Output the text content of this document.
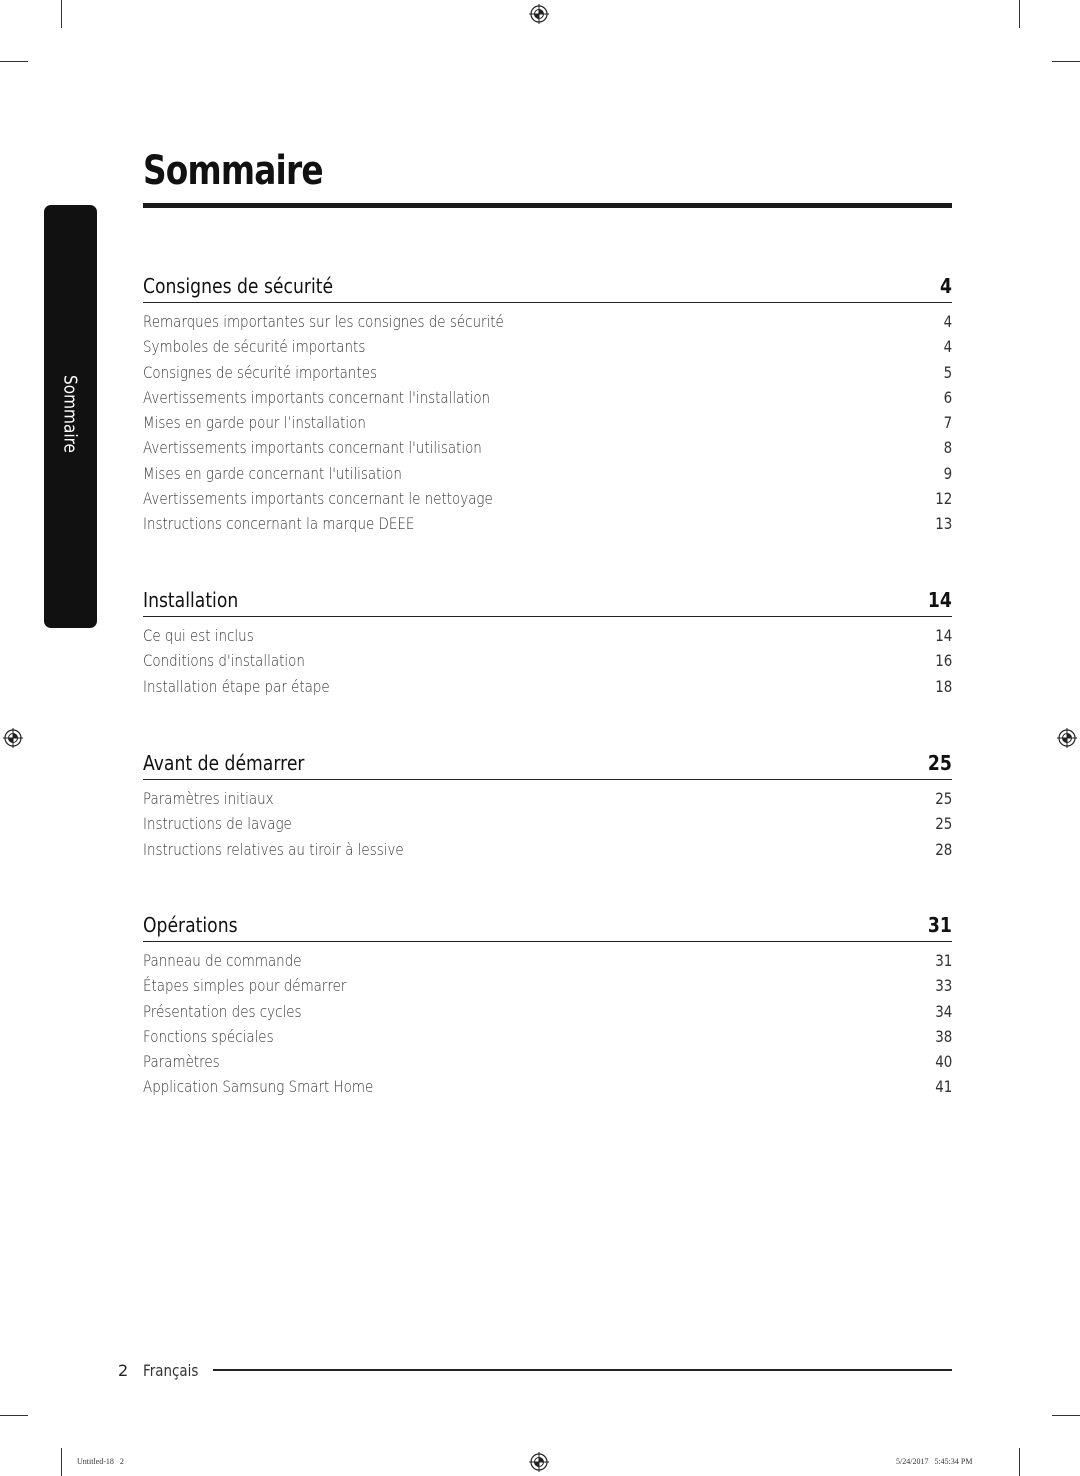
Sommaire
Sommaire
Consignes de sécurité	4
Remarques importantes sur les consignes de sécurité	4
Symboles de sécurité importants	4
Consignes de sécurité importantes	5
Avertissements importants concernant l'installation	6
Mises en garde pour l’installation	7
Avertissements importants concernant l'utilisation	8
Mises en garde concernant l'utilisation	9
Avertissements importants concernant le nettoyage	12
Instructions concernant la marque DEEE	13
Installation	14
Ce qui est inclus	14
Conditions d'installation	16
Installation étape par étape	18
Avant de démarrer	25
Paramètres initiaux	25
Instructions de lavage	25
Instructions relatives au tiroir à lessive	28
Opérations	31
Panneau de commande	31
Étapes simples pour démarrer	33
Présentation des cycles	34
Fonctions spéciales	38
Paramètres	40
Application Samsung Smart Home	41
2 Français
Untitled-18   2	5/24/2017   5:45:34 PM
